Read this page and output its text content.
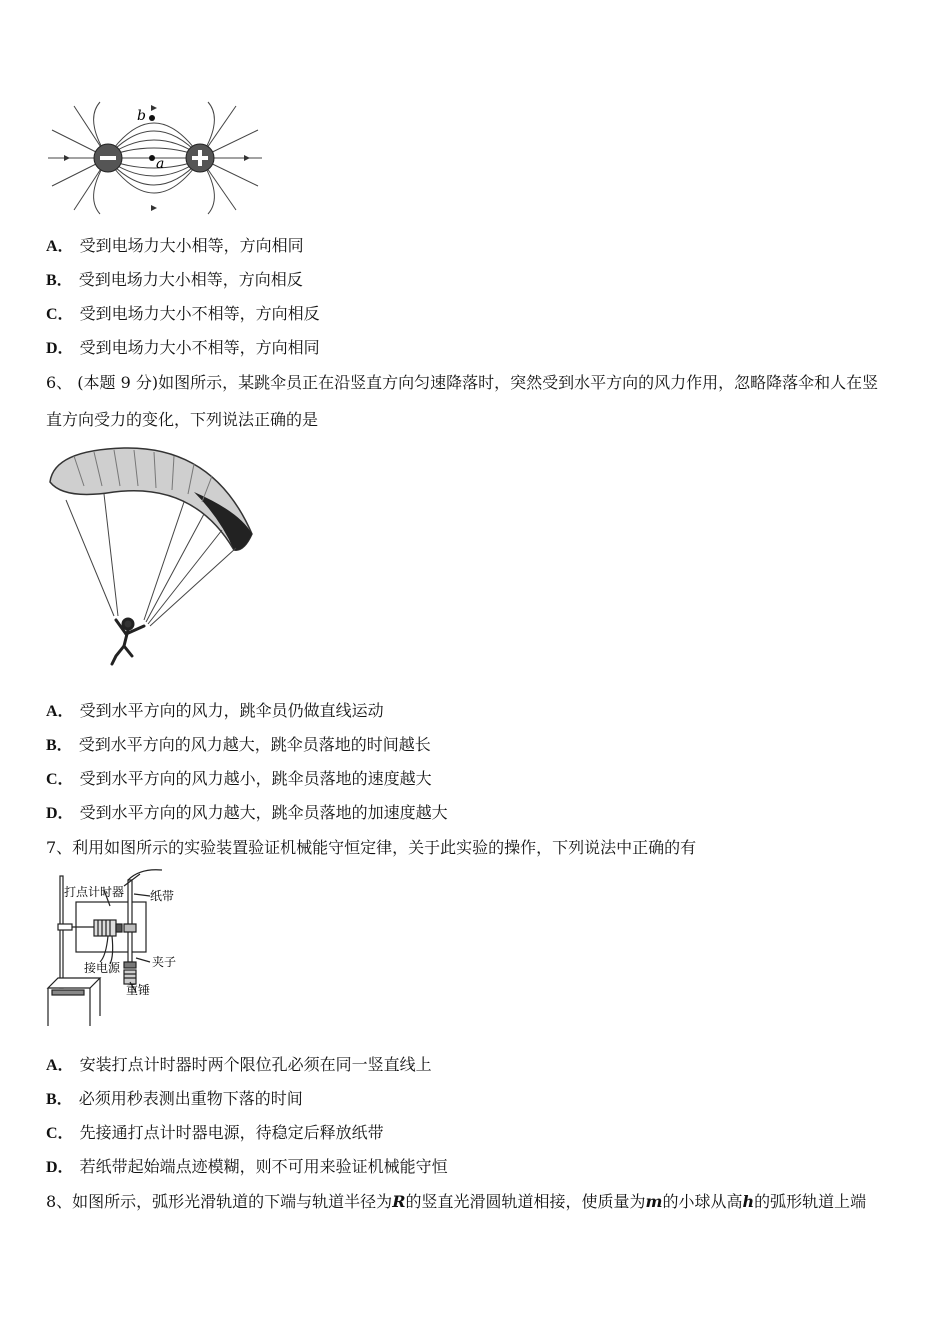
b
a
A． 受到电场力大小相等，方向相同
B． 受到电场力大小相等，方向相反
C． 受到电场力大小不相等，方向相反
D． 受到电场力大小不相等，方向相同
6、 (本题 9 分)如图所示，某跳伞员正在沿竖直方向匀速降落时，突然受到水平方向的风力作用，忽略降落伞和人在竖
直方向受力的变化，下列说法正确的是
A． 受到水平方向的风力，跳伞员仍做直线运动
B． 受到水平方向的风力越大，跳伞员落地的时间越长
C． 受到水平方向的风力越小，跳伞员落地的速度越大
D． 受到水平方向的风力越大，跳伞员落地的加速度越大
7、利用如图所示的实验装置验证机械能守恒定律，关于此实验的操作，下列说法中正确的有
打点计时器 纸带
夹子
接电源
重锤
A． 安装打点计时器时两个限位孔必须在同一竖直线上
B． 必须用秒表测出重物下落的时间
C． 先接通打点计时器电源，待稳定后释放纸带
D． 若纸带起始端点迹模糊，则不可用来验证机械能守恒
8、如图所示，弧形光滑轨道的下端与轨道半径为R的竖直光滑圆轨道相接，使质量为m的小球从高h的弧形轨道上端
